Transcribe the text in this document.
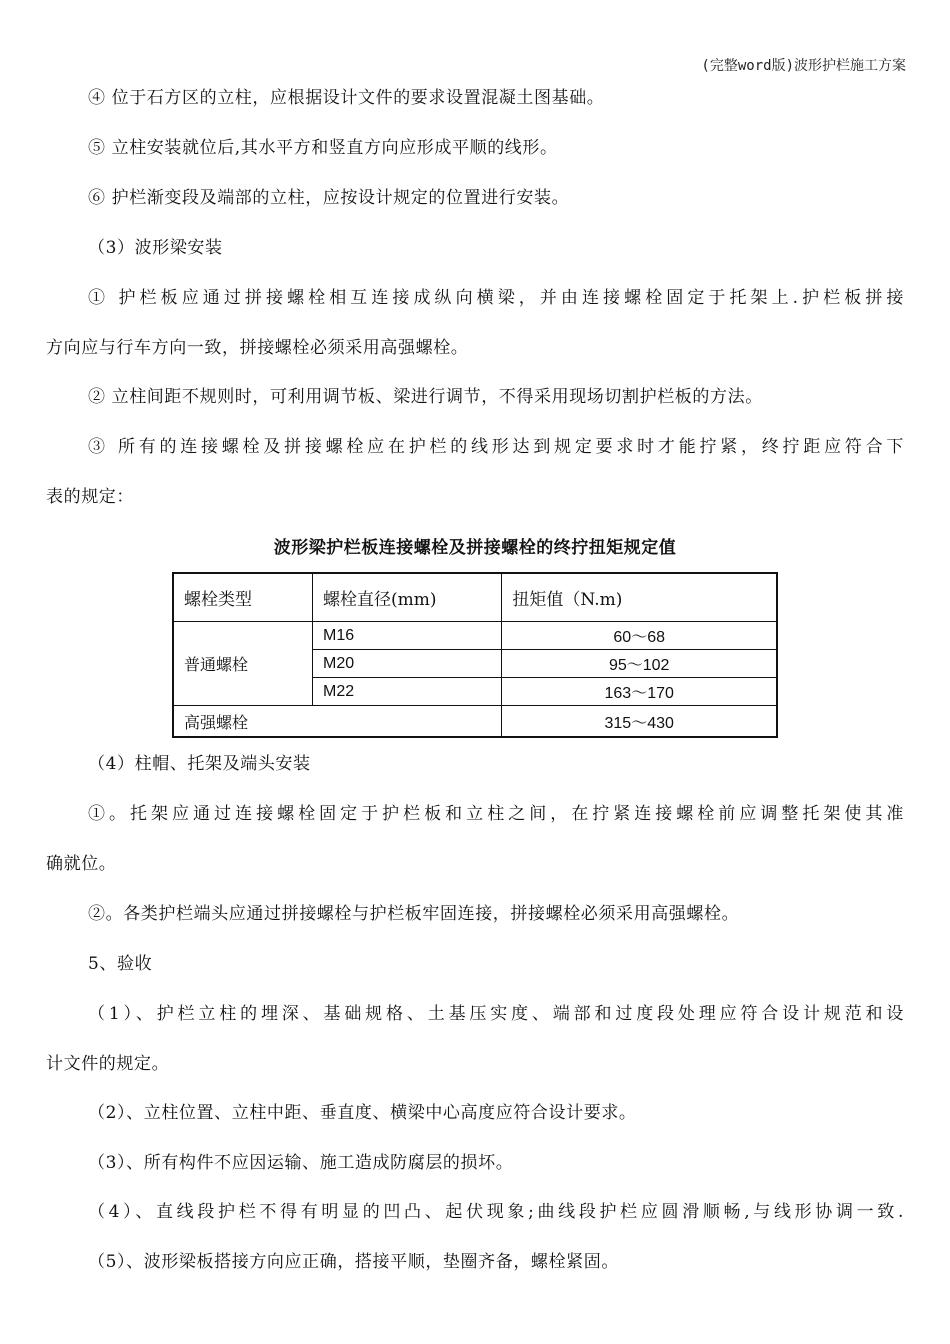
(完整word版)波形护栏施工方案
④ 位于石方区的立柱，应根据设计文件的要求设置混凝土图基础。
⑤ 立柱安装就位后,其水平方和竖直方向应形成平顺的线形。
⑥ 护栏渐变段及端部的立柱，应按设计规定的位置进行安装。
（3）波形梁安装
① 护栏板应通过拼接螺栓相互连接成纵向横梁，并由连接螺栓固定于托架上.护栏板拼接
方向应与行车方向一致，拼接螺栓必须采用高强螺栓。
② 立柱间距不规则时，可利用调节板、梁进行调节，不得采用现场切割护栏板的方法。
③ 所有的连接螺栓及拼接螺栓应在护栏的线形达到规定要求时才能拧紧，终拧距应符合下
表的规定：
波形梁护栏板连接螺栓及拼接螺栓的终拧扭矩规定值
螺栓类型	螺栓直径(mm)	扭矩值（N.m)
普通螺栓	M16	60～68
	M20	95～102
	M22	163～170
高强螺栓		315～430
（4）柱帽、托架及端头安装
①。托架应通过连接螺栓固定于护栏板和立柱之间，在拧紧连接螺栓前应调整托架使其准
确就位。
②。各类护栏端头应通过拼接螺栓与护栏板牢固连接，拼接螺栓必须采用高强螺栓。
5、验收
（1）、护栏立柱的埋深、基础规格、土基压实度、端部和过度段处理应符合设计规范和设
计文件的规定。
（2）、立柱位置、立柱中距、垂直度、横梁中心高度应符合设计要求。
（3）、所有构件不应因运输、施工造成防腐层的损坏。
（4）、直线段护栏不得有明显的凹凸、起伏现象;曲线段护栏应圆滑顺畅,与线形协调一致.
（5）、波形梁板搭接方向应正确，搭接平顺，垫圈齐备，螺栓紧固。
